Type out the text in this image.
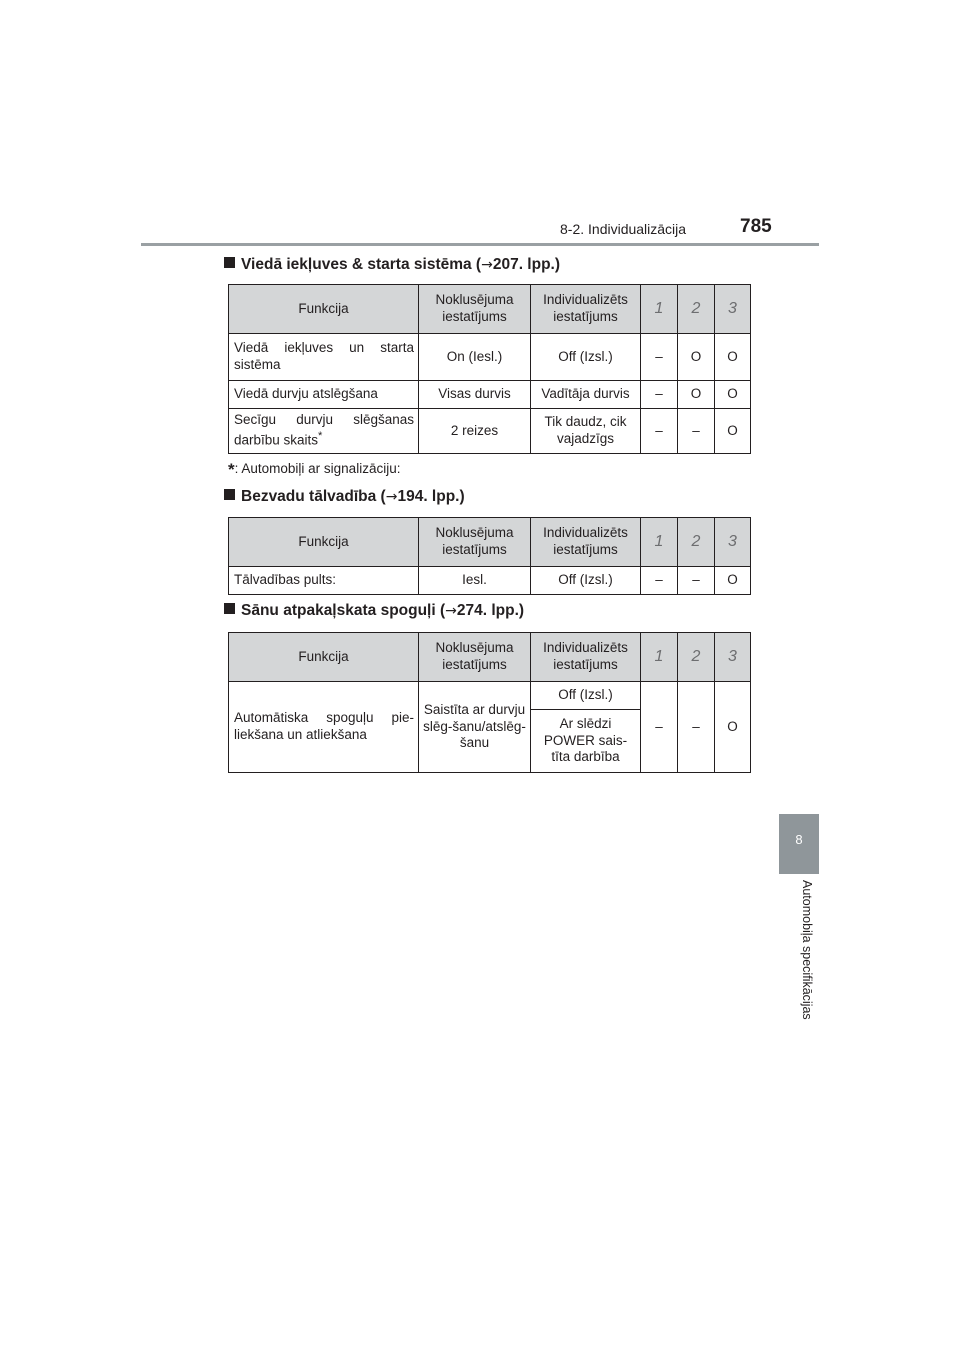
8-2. Individualizācija	785
8
Automobiļa specifikācijas
Viedā iekļuves & starta sistēma (→207. lpp.)
Funkcija	Noklusējuma iestatījums	Individualizēts iestatījums	1	2	3
Viedā iekļuves un starta sistēma	On (Iesl.)	Off (Izsl.)	–	O	O
Viedā durvju atslēgšana	Visas durvis	Vadītāja durvis	–	O	O
Secīgu durvju slēgšanas darbību skaits*	2 reizes	Tik daudz, cik vajadzīgs	–	–	O
*: Automobiļi ar signalizāciju:
Bezvadu tālvadība (→194. lpp.)
Funkcija	Noklusējuma iestatījums	Individualizēts iestatījums	1	2	3
Tālvadības pults:	Iesl.	Off (Izsl.)	–	–	O
Sānu atpakaļskata spoguļi (→274. lpp.)
Funkcija	Noklusējuma iestatījums	Individualizēts iestatījums	1	2	3
Automātiska spoguļu pie-liekšana un atliekšana	Saistīta ar durvju slēg-šanu/atslēg-šanu	Off (Izsl.)	–	–	O
		Ar slēdzi POWER sais-tīta darbība			
